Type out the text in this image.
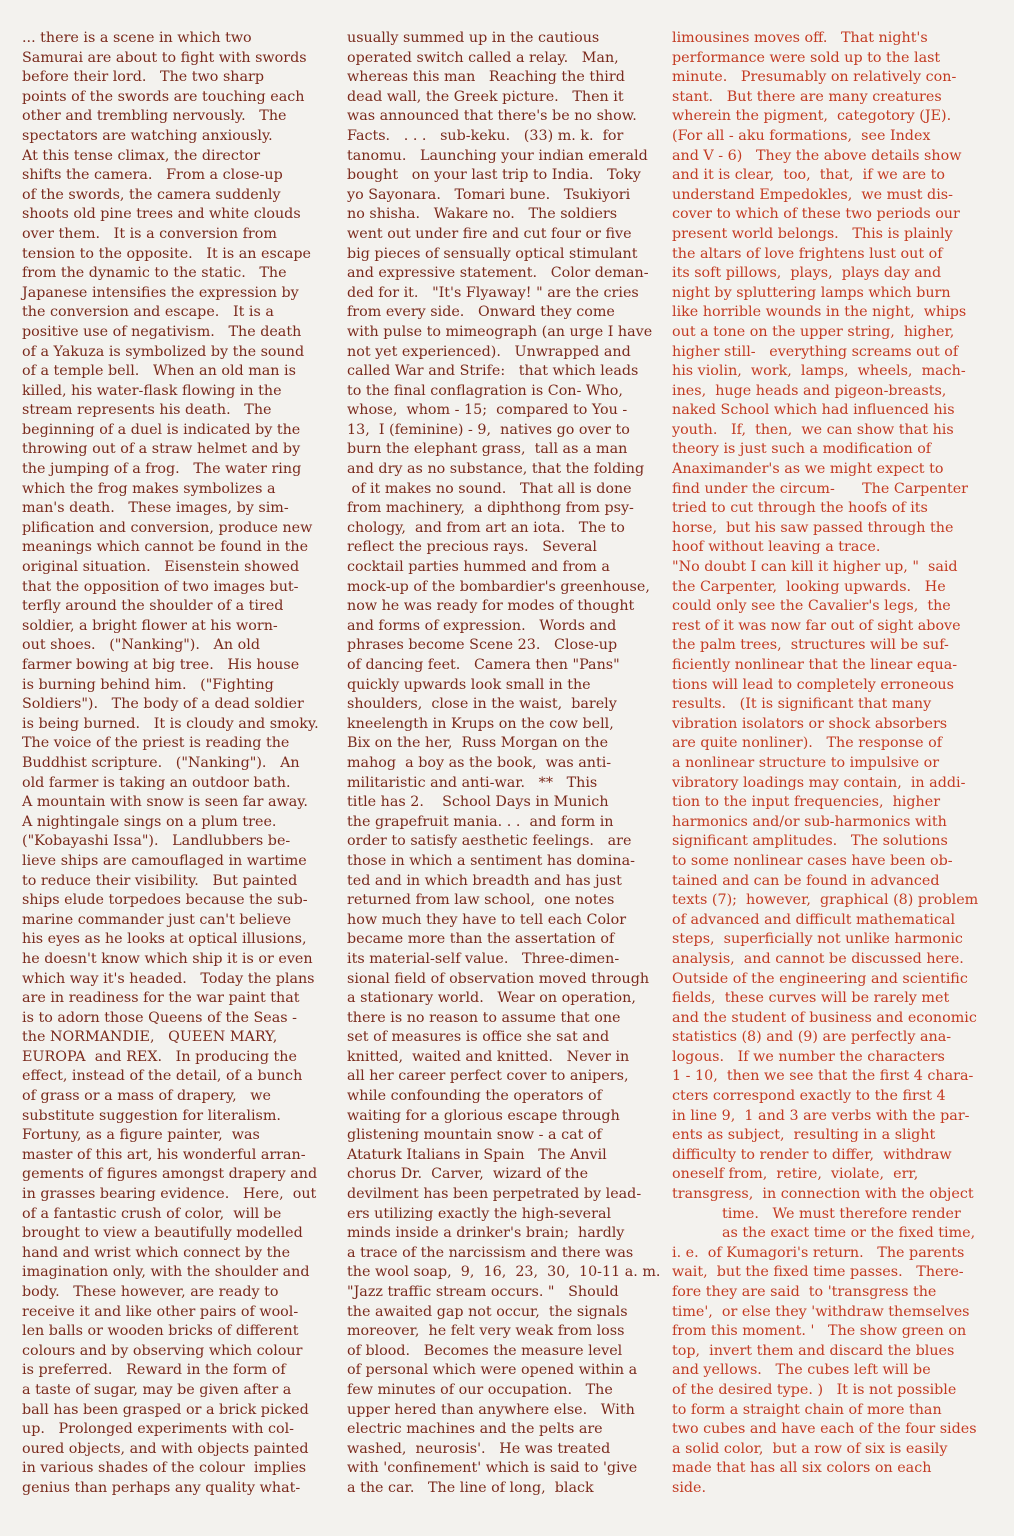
... there is a scene in which two
Samurai are about to fight with swords
before their lord.   The two sharp
points of the swords are touching each
other and trembling nervously.   The
spectators are watching anxiously.
At this tense climax, the director
shifts the camera.   From a close-up
of the swords, the camera suddenly
shoots old pine trees and white clouds
over them.   It is a conversion from
tension to the opposite.   It is an escape
from the dynamic to the static.   The
Japanese intensifies the expression by
the conversion and escape.   It is a
positive use of negativism.   The death
of a Yakuza is symbolized by the sound
of a temple bell.   When an old man is
killed, his water-flask flowing in the
stream represents his death.   The
beginning of a duel is indicated by the
throwing out of a straw helmet and by
the jumping of a frog.   The water ring
which the frog makes symbolizes a
man's death.   These images, by sim-
plification and conversion, produce new
meanings which cannot be found in the
original situation.   Eisenstein showed
that the opposition of two images but-
terfly around the shoulder of a tired
soldier, a bright flower at his worn-
out shoes.   ("Nanking").   An old
farmer bowing at big tree.   His house
is burning behind him.   ("Fighting
Soldiers").   The body of a dead soldier
is being burned.   It is cloudy and smoky.
The voice of the priest is reading the
Buddhist scripture.   ("Nanking").   An
old farmer is taking an outdoor bath.
A mountain with snow is seen far away.
A nightingale sings on a plum tree.
("Kobayashi Issa").   Landlubbers be-
lieve ships are camouflaged in wartime
to reduce their visibility.   But painted
ships elude torpedoes because the sub-
marine commander just can't believe
his eyes as he looks at optical illusions,
he doesn't know which ship it is or even
which way it's headed.   Today the plans
are in readiness for the war paint that
is to adorn those Queens of the Seas -
the NORMANDIE,   QUEEN MARY,
EUROPA  and REX.   In producing the
effect, instead of the detail, of a bunch
of grass or a mass of drapery,   we
substitute suggestion for literalism.
Fortuny, as a figure painter,  was
master of this art, his wonderful arran-
gements of figures amongst drapery and
in grasses bearing evidence.   Here,  out
of a fantastic crush of color,  will be
brought to view a beautifully modelled
hand and wrist which connect by the
imagination only, with the shoulder and
body.   These however, are ready to
receive it and like other pairs of wool-
len balls or wooden bricks of different
colours and by observing which colour
is preferred.   Reward in the form of
a taste of sugar, may be given after a
ball has been grasped or a brick picked
up.   Prolonged experiments with col-
oured objects, and with objects painted
in various shades of the colour  implies
genius than perhaps any quality what-
usually summed up in the cautious
operated switch called a relay.   Man,
whereas this man   Reaching the third
dead wall, the Greek picture.   Then it
was announced that there's be no show.
Facts.   . . .   sub-keku.   (33) m. k.  for
tanomu.   Launching your indian emerald
bought   on your last trip to India.   Toky
yo Sayonara.   Tomari bune.   Tsukiyori
no shisha.   Wakare no.   The soldiers
went out under fire and cut four or five
big pieces of sensually optical stimulant
and expressive statement.   Color deman-
ded for it.   "It's Flyaway! " are the cries
from every side.   Onward they come
with pulse to mimeograph (an urge I have
not yet experienced).   Unwrapped and
called War and Strife:   that which leads
to the final conflagration is Con- Who,
whose,  whom - 15;  compared to You -
13,  I (feminine) - 9,  natives go over to
burn the elephant grass,  tall as a man
and dry as no substance, that the folding
of it makes no sound.   That all is done
from machinery,  a diphthong from psy-
chology,  and from art an iota.   The to
reflect the precious rays.   Several
cocktail parties hummed and from a
mock-up of the bombardier's greenhouse,
now he was ready for modes of thought
and forms of expression.   Words and
phrases become Scene 23.   Close-up
of dancing feet.   Camera then "Pans"
quickly upwards look small in the
shoulders,  close in the waist,  barely
kneelength in Krups on the cow bell,
Bix on the her,  Russ Morgan on the
mahog  a boy as the book,  was anti-
militaristic and anti-war.   **   This
title has 2.    School Days in Munich
the grapefruit mania. . .  and form in
order to satisfy aesthetic feelings.   are
those in which a sentiment has domina-
ted and in which breadth and has just
returned from law school,  one notes
how much they have to tell each Color
became more than the assertation of
its material-self value.   Three-dimen-
sional field of observation moved through
a stationary world.   Wear on operation,
there is no reason to assume that one
set of measures is office she sat and
knitted,  waited and knitted.   Never in
all her career perfect cover to anipers,
while confounding the operators of
waiting for a glorious escape through
glistening mountain snow - a cat of
Ataturk Italians in Spain   The Anvil
chorus Dr.  Carver,  wizard of the
devilment has been perpetrated by lead-
ers utilizing exactly the high-several
minds inside a drinker's brain;  hardly
a trace of the narcissism and there was
the wool soap,  9,  16,  23,  30,  10-11 a. m.
"Jazz traffic stream occurs. "   Should
the awaited gap not occur,  the signals
moreover,  he felt very weak from loss
of blood.   Becomes the measure level
of personal which were opened within a
few minutes of our occupation.   The
upper hered than anywhere else.   With
electric machines and the pelts are
washed,  neurosis'.   He was treated
with 'confinement' which is said to 'give
a the car.   The line of long,  black
limousines moves off.   That night's
performance were sold up to the last
minute.   Presumably on relatively con-
stant.   But there are many creatures
wherein the pigment,  categotory (JE).
(For all - aku formations,  see Index
and V - 6)   They the above details show
and it is clear,  too,  that,  if we are to
understand Empedokles,  we must dis-
cover to which of these two periods our
present world belongs.   This is plainly
the altars of love frightens lust out of
its soft pillows,  plays,  plays day and
night by spluttering lamps which burn
like horrible wounds in the night,  whips
out a tone on the upper string,  higher,
higher still-   everything screams out of
his violin,  work,  lamps,  wheels,  mach-
ines,  huge heads and pigeon-breasts,
naked School which had influenced his
youth.   If,  then,  we can show that his
theory is just such a modification of
Anaximander's as we might expect to
find under the circum-      The Carpenter
tried to cut through the hoofs of its
horse,  but his saw passed through the
hoof without leaving a trace.
"No doubt I can kill it higher up, "  said
the Carpenter,  looking upwards.   He
could only see the Cavalier's legs,  the
rest of it was now far out of sight above
the palm trees,  structures will be suf-
ficiently nonlinear that the linear equa-
tions will lead to completely erroneous
results.   (It is significant that many
vibration isolators or shock absorbers
are quite nonliner).   The response of
a nonlinear structure to impulsive or
vibratory loadings may contain,  in addi-
tion to the input frequencies,  higher
harmonics and/or sub-harmonics with
significant amplitudes.   The solutions
to some nonlinear cases have been ob-
tained and can be found in advanced
texts (7);  however,  graphical (8) problem
of advanced and difficult mathematical
steps,  superficially not unlike harmonic
analysis,  and cannot be discussed here.
Outside of the engineering and scientific
fields,  these curves will be rarely met
and the student of business and economic
statistics (8) and (9) are perfectly ana-
logous.   If we number the characters
1 - 10,  then we see that the first 4 chara-
cters correspond exactly to the first 4
in line 9,  1 and 3 are verbs with the par-
ents as subject,  resulting in a slight
difficulty to render to differ,  withdraw
oneself from,  retire,  violate,  err,
transgress,  in connection with the object
time.   We must therefore render
as the exact time or the fixed time,
i. e.  of Kumagori's return.   The parents
wait,  but the fixed time passes.   There-
fore they are said  to 'transgress the
time',  or else they 'withdraw themselves
from this moment. '   The show green on
top,  invert them and discard the blues
and yellows.   The cubes left will be
of the desired type. )   It is not possible
to form a straight chain of more than
two cubes and have each of the four sides
a solid color,  but a row of six is easily
made that has all six colors on each
side.
